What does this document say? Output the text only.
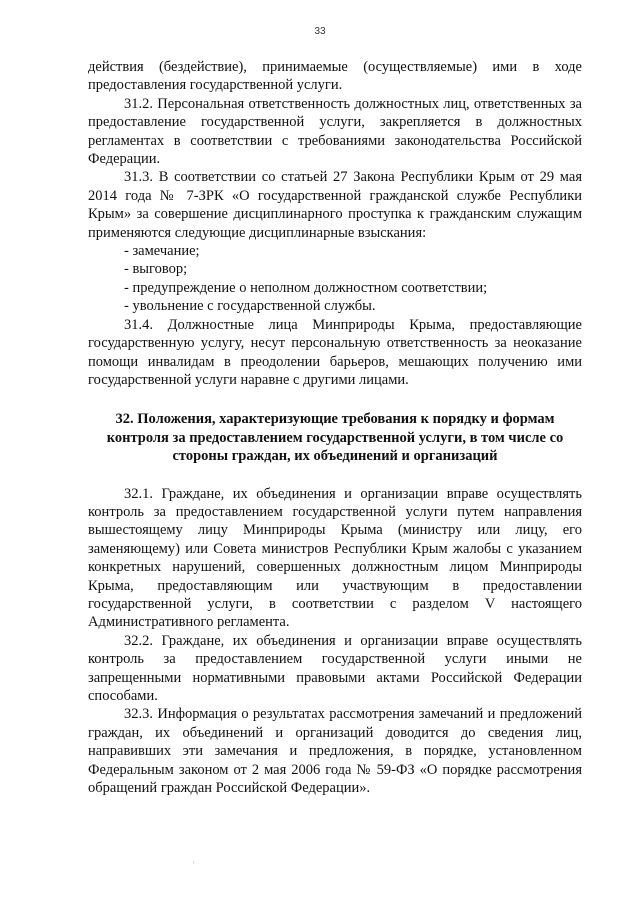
33

действия (бездействие), принимаемые (осуществляемые) ими в ходе предоставления государственной услуги.

31.2. Персональная ответственность должностных лиц, ответственных за предоставление государственной услуги, закрепляется в должностных регламентах в соответствии с требованиями законодательства Российской Федерации.

31.3. В соответствии со статьей 27 Закона Республики Крым от 29 мая 2014 года № 7-ЗРК «О государственной гражданской службе Республики Крым» за совершение дисциплинарного проступка к гражданским служащим применяются следующие дисциплинарные взыскания:

- замечание;

- выговор;

- предупреждение о неполном должностном соответствии;

- увольнение с государственной службы.

31.4. Должностные лица Минприроды Крыма, предоставляющие государственную услугу, несут персональную ответственность за неоказание помощи инвалидам в преодолении барьеров, мешающих получению ими государственной услуги наравне с другими лицами.

32. Положения, характеризующие требования к порядку и формам контроля за предоставлением государственной услуги, в том числе со стороны граждан, их объединений и организаций

32.1. Граждане, их объединения и организации вправе осуществлять контроль за предоставлением государственной услуги путем направления вышестоящему лицу Минприроды Крыма (министру или лицу, его заменяющему) или Совета министров Республики Крым жалобы с указанием конкретных нарушений, совершенных должностным лицом Минприроды Крыма, предоставляющим или участвующим в предоставлении государственной услуги, в соответствии с разделом V настоящего Административного регламента.

32.2. Граждане, их объединения и организации вправе осуществлять контроль за предоставлением государственной услуги иными не запрещенными нормативными правовыми актами Российской Федерации способами.

32.3. Информация о результатах рассмотрения замечаний и предложений граждан, их объединений и организаций доводится до сведения лиц, направивших эти замечания и предложения, в порядке, установленном Федеральным законом от 2 мая 2006 года № 59-ФЗ «О порядке рассмотрения обращений граждан Российской Федерации».

'
